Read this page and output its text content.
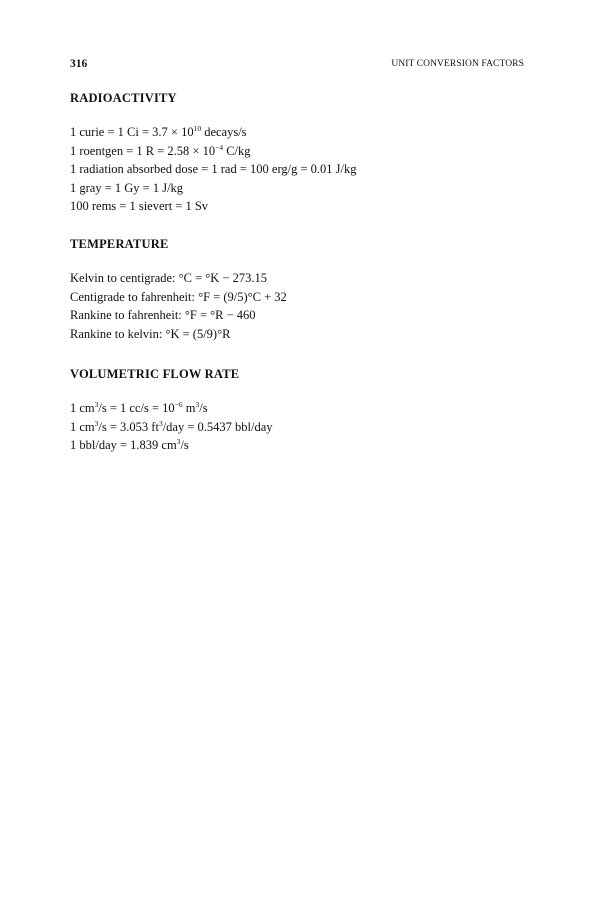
316	UNIT CONVERSION FACTORS
RADIOACTIVITY
1 curie = 1 $Ci = 3.7 \times 10^{10}$ decays/s
1 roentgen = 1 $R = 2.58 \times 10^{-4}$ C/kg
1 radiation absorbed dose = 1 rad = 100 erg/g = 0.01 J/kg
1 gray = 1 Gy = 1 J/kg
100 rems = 1 sievert = 1 Sv
TEMPERATURE
Kelvin to centigrade: °C = °K − 273.15
Centigrade to fahrenheit: °F = (9/5)°C + 32
Rankine to fahrenheit: °F = °R − 460
Rankine to kelvin: °K = (5/9)°R
VOLUMETRIC FLOW RATE
1 $cm^3/s = 1$ $cc/s = 10^{-6}$ $m^3/s$
1 $cm^3/s = 3.053$ $ft^3$/day = 0.5437 bbl/day
1 bbl/day = 1.839 $cm^3/s$
